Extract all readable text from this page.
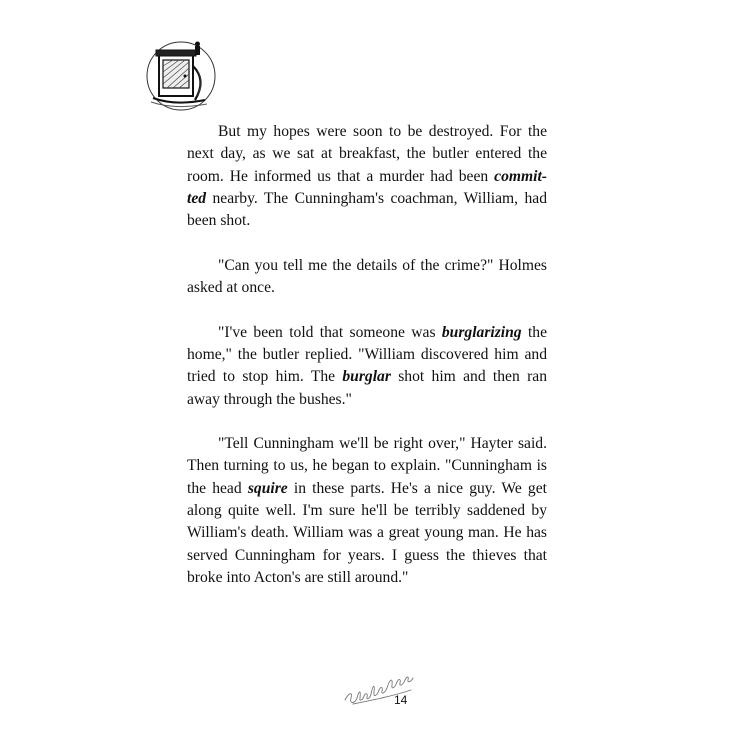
But my hopes were soon to be destroyed. For the next day, as we sat at breakfast, the butler entered the room. He informed us that a murder had been commit-ted nearby. The Cunningham's coachman, William, had been shot.

"Can you tell me the details of the crime?" Holmes asked at once.

"I've been told that someone was burglarizing the home," the butler replied. "William discovered him and tried to stop him. The burglar shot him and then ran away through the bushes."

"Tell Cunningham we'll be right over," Hayter said. Then turning to us, he began to explain. "Cunningham is the head squire in these parts. He's a nice guy. We get along quite well. I'm sure he'll be terribly saddened by William's death. William was a great young man. He has served Cunningham for years. I guess the thieves that broke into Acton's are still around."

14
